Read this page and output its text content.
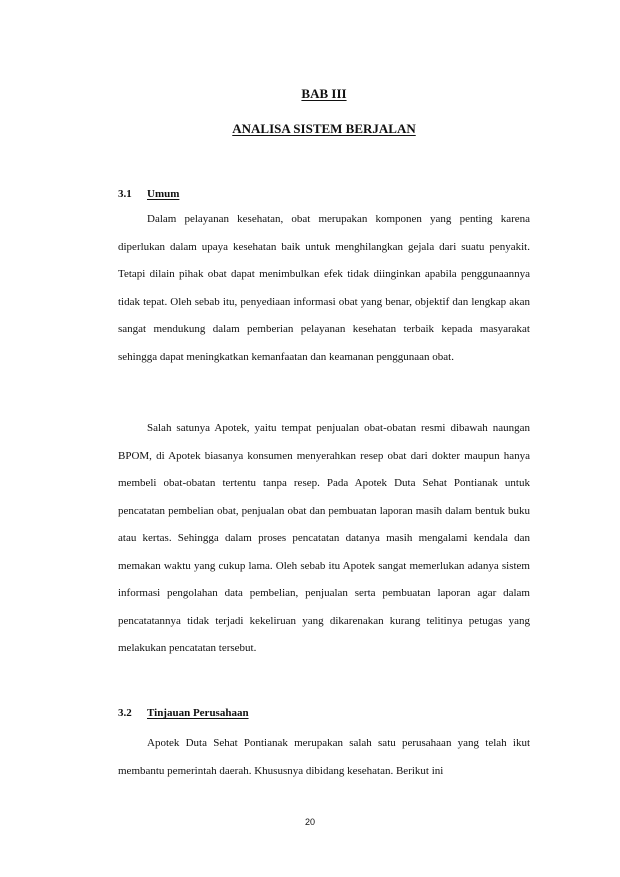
BAB III

ANALISA SISTEM BERJALAN

3.1 Umum

Dalam pelayanan kesehatan, obat merupakan komponen yang penting karena diperlukan dalam upaya kesehatan baik untuk menghilangkan gejala dari suatu penyakit. Tetapi dilain pihak obat dapat menimbulkan efek tidak diinginkan apabila penggunaannya tidak tepat. Oleh sebab itu, penyediaan informasi obat yang benar, objektif dan lengkap akan sangat mendukung dalam pemberian pelayanan kesehatan terbaik kepada masyarakat sehingga dapat meningkatkan kemanfaatan dan keamanan penggunaan obat.

Salah satunya Apotek, yaitu tempat penjualan obat-obatan resmi dibawah naungan BPOM, di Apotek biasanya konsumen menyerahkan resep obat dari dokter maupun hanya membeli obat-obatan tertentu tanpa resep. Pada Apotek Duta Sehat Pontianak untuk pencatatan pembelian obat, penjualan obat dan pembuatan laporan masih dalam bentuk buku atau kertas. Sehingga dalam proses pencatatan datanya masih mengalami kendala dan memakan waktu yang cukup lama. Oleh sebab itu Apotek sangat memerlukan adanya sistem informasi pengolahan data pembelian, penjualan serta pembuatan laporan agar dalam pencatatannya tidak terjadi kekeliruan yang dikarenakan kurang telitinya petugas yang melakukan pencatatan tersebut.

3.2 Tinjauan Perusahaan

Apotek Duta Sehat Pontianak merupakan salah satu perusahaan yang telah ikut membantu pemerintah daerah. Khususnya dibidang kesehatan. Berikut ini

20
